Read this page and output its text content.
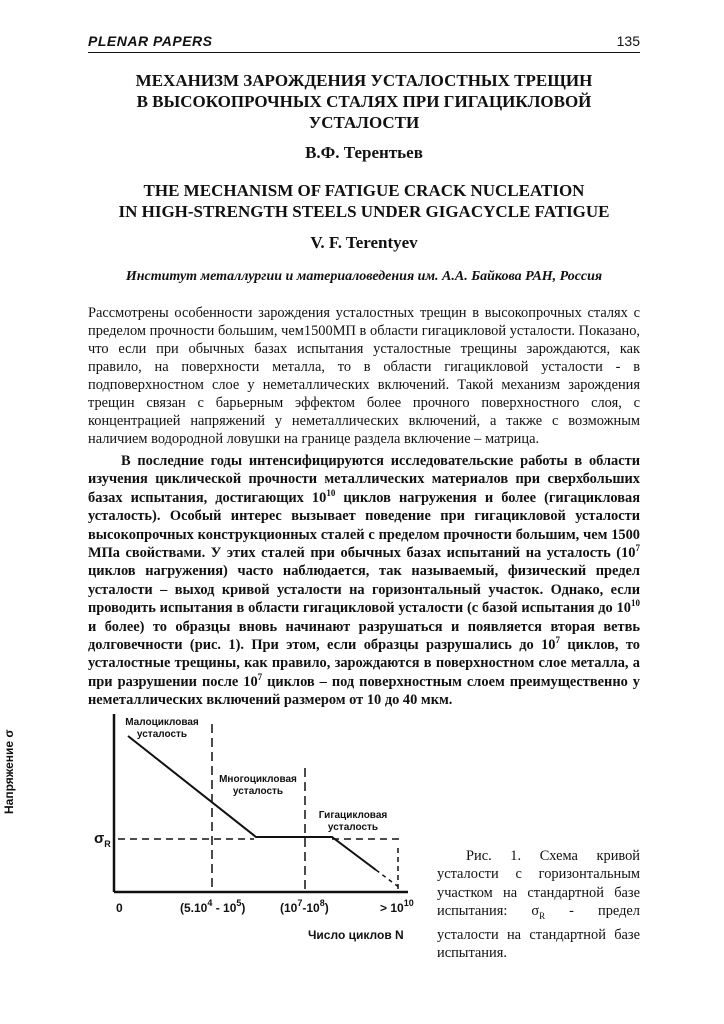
PLENAR PAPERS	135
МЕХАНИЗМ ЗАРОЖДЕНИЯ УСТАЛОСТНЫХ ТРЕЩИН
В ВЫСОКОПРОЧНЫХ СТАЛЯХ ПРИ ГИГАЦИКЛОВОЙ
УСТАЛОСТИ
В.Ф. Терентьев
THE MECHANISM OF FATIGUE CRACK NUCLEATION
IN HIGH-STRENGTH STEELS UNDER GIGACYCLE FATIGUE
V. F. Terentyev
Институт металлургии и материаловедения им. А.А. Байкова РАН, Россия

Рассмотрены особенности зарождения усталостных трещин в высокопрочных сталях с пределом прочности большим, чем1500МП в области гигацикловой усталости. Показано, что если при обычных базах испытания усталостные трещины зарождаются, как правило, на поверхности металла, то в области гигацикловой усталости - в подповерхностном слое у неметаллических включений. Такой механизм зарождения трещин связан с барьерным эффектом более прочного поверхностного слоя, с концентрацией напряжений у неметаллических включений, а также с возможным наличием водородной ловушки на границе раздела включение – матрица.

В последние годы интенсифицируются исследовательские работы в области изучения циклической прочности металлических материалов при сверхбольших базах испытания, достигающих $10^{10}$ циклов нагружения и более (гигацикловая усталость). Особый интерес вызывает поведение при гигацикловой усталости высокопрочных конструкционных сталей с пределом прочности большим, чем 1500 МПа свойствами. У этих сталей при обычных базах испытаний на усталость ($10^7$ циклов нагружения) часто наблюдается, так называемый, физический предел усталости – выход кривой усталости на горизонтальный участок. Однако, если проводить испытания в области гигацикловой усталости (с базой испытания до $10^{10}$ и более) то образцы вновь начинают разрушаться и появляется вторая ветвь долговечности (рис. 1). При этом, если образцы разрушались до $10^7$ циклов, то усталостные трещины, как правило, зарождаются в поверхностном слое металла, а при разрушении после $10^7$ циклов – под поверхностным слоем преимущественно у неметаллических включений размером от 10 до 40 мкм.

Напряжение σ
Малоцикловая
усталость
Многоцикловая
усталость
Гигацикловая
усталость
$\sigma_R$
0	$(5.10^4 - 10^5)$	$(10^7-10^8)$	> $10^{10}$
Число циклов N

Рис. 1. Схема кривой усталости с горизонтальным участком на стандартной базе испытания: $\sigma_R$ - предел усталости на стандартной базе испытания.
